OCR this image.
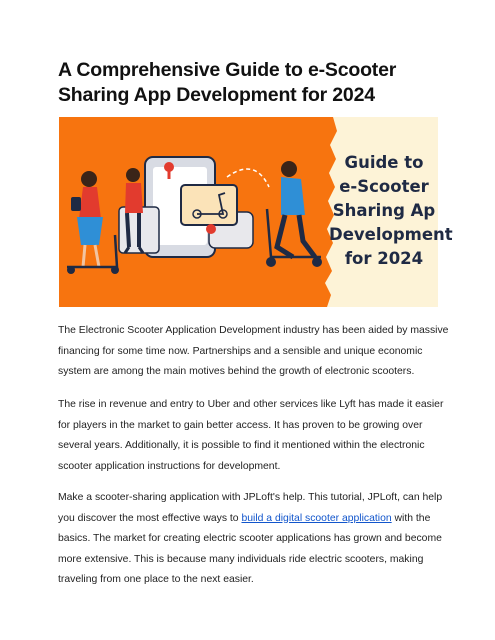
A Comprehensive Guide to e-Scooter Sharing App Development for 2024
Guide to
e-Scooter
Sharing Ap
Development
for 2024

The Electronic Scooter Application Development industry has been aided by massive financing for some time now. Partnerships and a sensible and unique economic system are among the main motives behind the growth of electronic scooters.

The rise in revenue and entry to Uber and other services like Lyft has made it easier for players in the market to gain better access. It has proven to be growing over several years. Additionally, it is possible to find it mentioned within the electronic scooter application instructions for development.

Make a scooter-sharing application with JPLoft's help. This tutorial, JPLoft, can help you discover the most effective ways to build a digital scooter application with the basics. The market for creating electric scooter applications has grown and become more extensive. This is because many individuals ride electric scooters, making traveling from one place to the next easier.
